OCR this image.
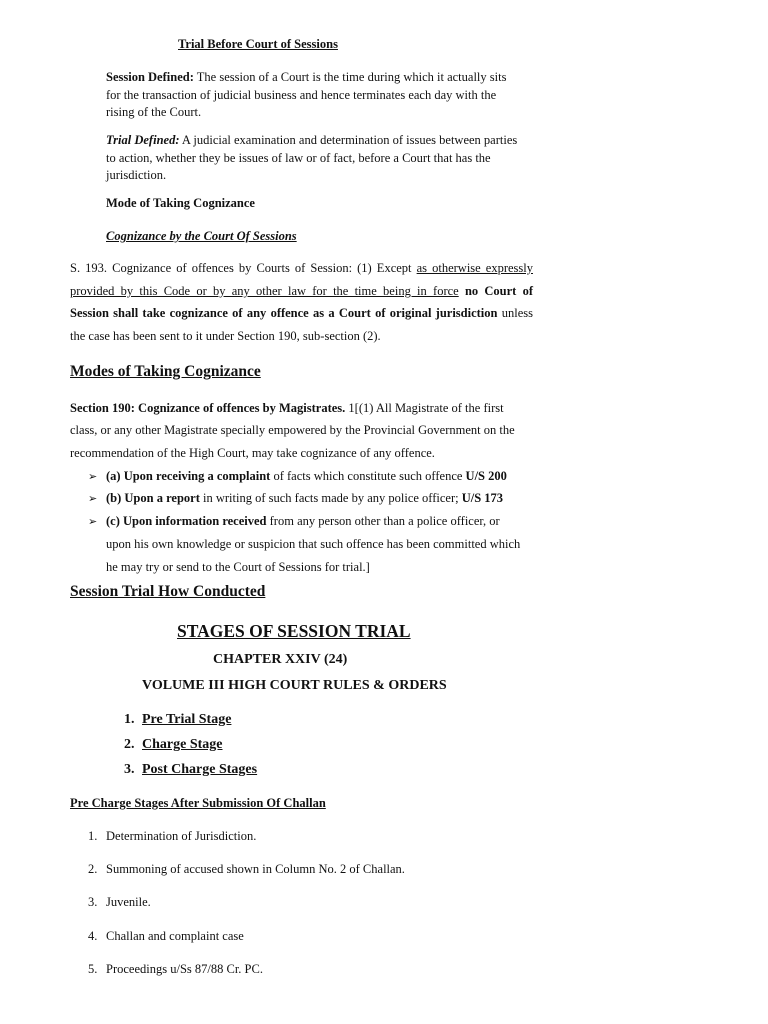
Trial Before Court of Sessions
Session Defined: The session of a Court is the time during which it actually sits
for the transaction of judicial business and hence terminates each day with the
rising of the Court.
Trial Defined: A judicial examination and determination of issues between parties
to action, whether they be issues of law or of fact, before a Court that has the
jurisdiction.
Mode of Taking Cognizance
Cognizance by the Court Of Sessions
S. 193. Cognizance of offences by Courts of Session: (1) Except as otherwise expressly
provided by this Code or by any other law for the time being in force no Court of
Session shall take cognizance of any offence as a Court of original jurisdiction unless
the case has been sent to it under Section 190, sub-section (2).
Modes of Taking Cognizance
Section 190: Cognizance of offences by Magistrates. 1[(1) All Magistrate of the first
class, or any other Magistrate specially empowered by the Provincial Government on the
recommendation of the High Court, may take cognizance of any offence.
➢ (a) Upon receiving a complaint of facts which constitute such offence U/S 200
➢ (b) Upon a report in writing of such facts made by any police officer; U/S 173
➢ (c) Upon information received from any person other than a police officer, or
upon his own knowledge or suspicion that such offence has been committed which
he may try or send to the Court of Sessions for trial.]
Session Trial How Conducted
STAGES OF SESSION TRIAL
CHAPTER XXIV (24)
VOLUME III HIGH COURT RULES & ORDERS
1. Pre Trial Stage
2. Charge Stage
3. Post Charge Stages
Pre Charge Stages After Submission Of Challan
1. Determination of Jurisdiction.
2. Summoning of accused shown in Column No. 2 of Challan.
3. Juvenile.
4. Challan and complaint case
5. Proceedings u/Ss 87/88 Cr. PC.
